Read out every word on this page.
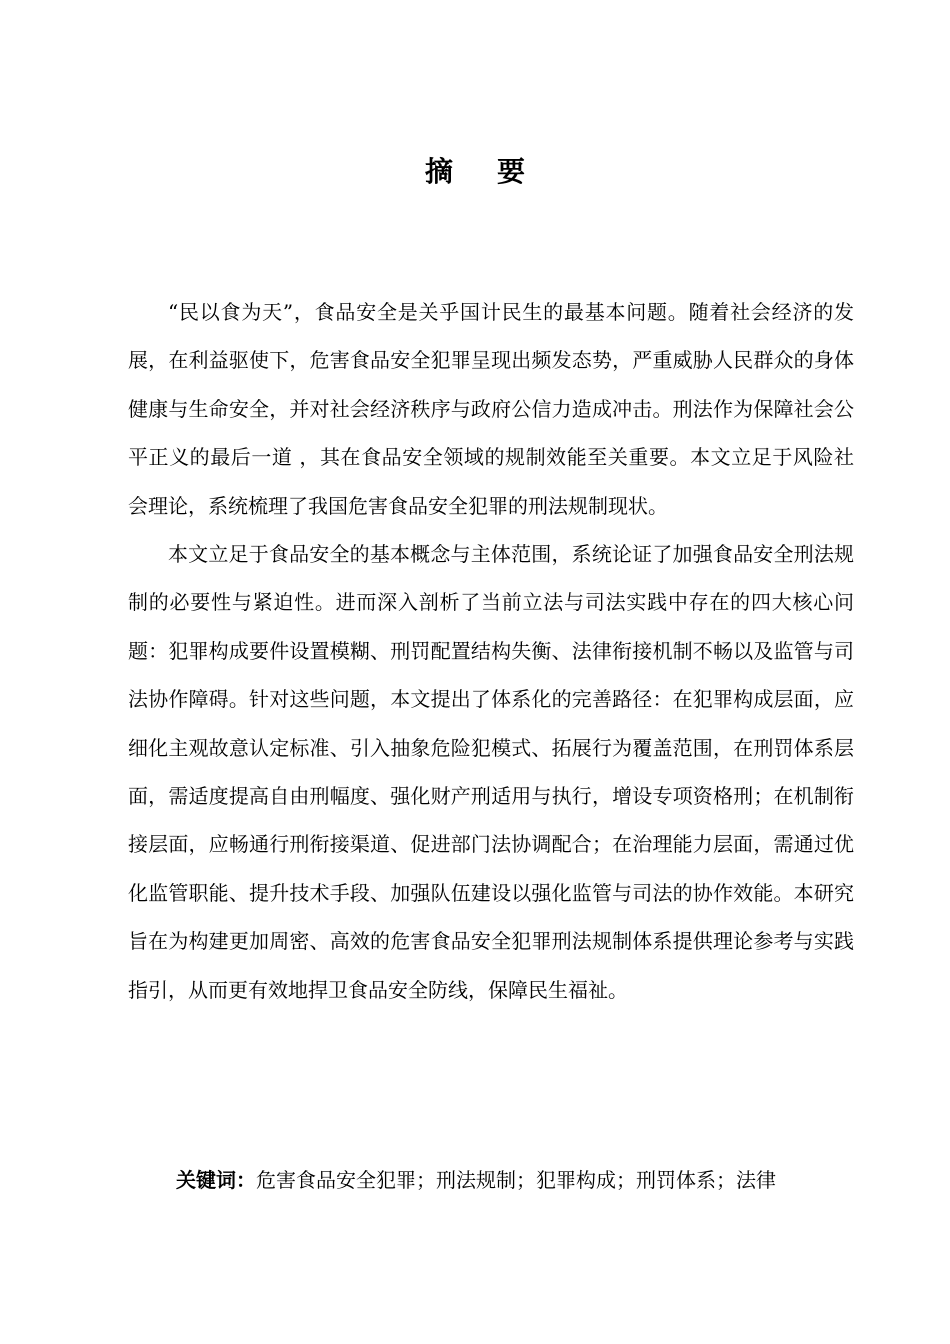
摘 要

“民以食为天”，食品安全是关乎国计民生的最基本问题。随着社会经济的发展，在利益驱使下，危害食品安全犯罪呈现出频发态势，严重威胁人民群众的身体健康与生命安全，并对社会经济秩序与政府公信力造成冲击。刑法作为保障社会公平正义的最后一道 ，其在食品安全领域的规制效能至关重要。本文立足于风险社会理论，系统梳理了我国危害食品安全犯罪的刑法规制现状。

本文立足于食品安全的基本概念与主体范围，系统论证了加强食品安全刑法规制的必要性与紧迫性。进而深入剖析了当前立法与司法实践中存在的四大核心问题：犯罪构成要件设置模糊、刑罚配置结构失衡、法律衔接机制不畅以及监管与司法协作障碍。针对这些问题，本文提出了体系化的完善路径：在犯罪构成层面，应细化主观故意认定标准、引入抽象危险犯模式、拓展行为覆盖范围，在刑罚体系层面，需适度提高自由刑幅度、强化财产刑适用与执行，增设专项资格刑；在机制衔接层面，应畅通行刑衔接渠道、促进部门法协调配合；在治理能力层面，需通过优化监管职能、提升技术手段、加强队伍建设以强化监管与司法的协作效能。本研究旨在为构建更加周密、高效的危害食品安全犯罪刑法规制体系提供理论参考与实践指引，从而更有效地捍卫食品安全防线，保障民生福祉。

关键词：危害食品安全犯罪；刑法规制；犯罪构成；刑罚体系；法律
